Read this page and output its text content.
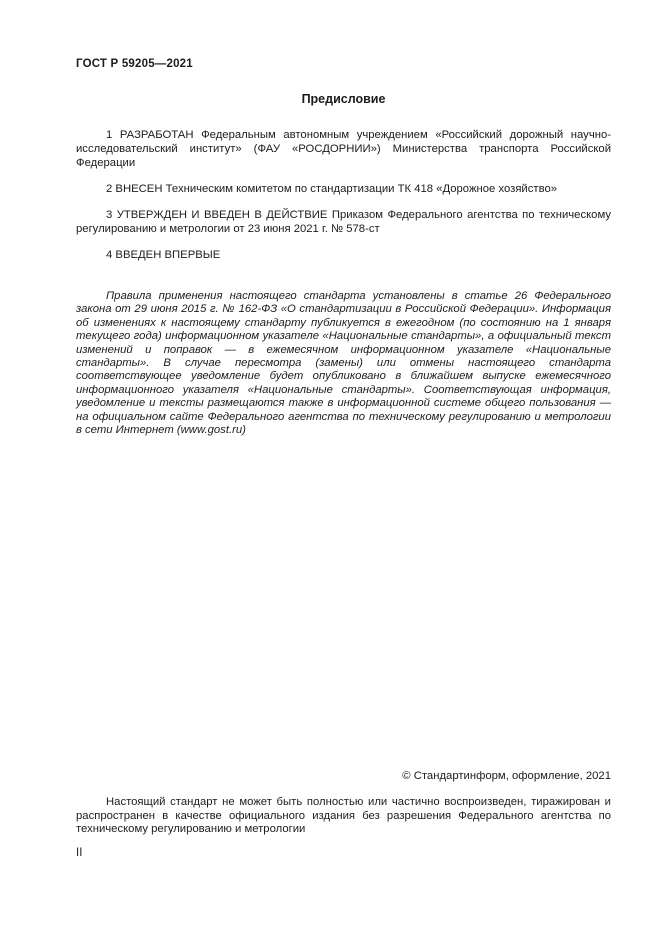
ГОСТ Р 59205—2021
Предисловие

1 РАЗРАБОТАН Федеральным автономным учреждением «Российский дорожный научно-исследовательский институт» (ФАУ «РОСДОРНИИ») Министерства транспорта Российской Федерации

2 ВНЕСЕН Техническим комитетом по стандартизации ТК 418 «Дорожное хозяйство»

3 УТВЕРЖДЕН И ВВЕДЕН В ДЕЙСТВИЕ Приказом Федерального агентства по техническому регулированию и метрологии от 23 июня 2021 г. № 578-ст

4 ВВЕДЕН ВПЕРВЫЕ

Правила применения настоящего стандарта установлены в статье 26 Федерального закона от 29 июня 2015 г. № 162-ФЗ «О стандартизации в Российской Федерации». Информация об изменениях к настоящему стандарту публикуется в ежегодном (по состоянию на 1 января текущего года) информационном указателе «Национальные стандарты», а официальный текст изменений и поправок — в ежемесячном информационном указателе «Национальные стандарты». В случае пересмотра (замены) или отмены настоящего стандарта соответствующее уведомление будет опубликовано в ближайшем выпуске ежемесячного информационного указателя «Национальные стандарты». Соответствующая информация, уведомление и тексты размещаются также в информационной системе общего пользования — на официальном сайте Федерального агентства по техническому регулированию и метрологии в сети Интернет (www.gost.ru)

© Стандартинформ, оформление, 2021

Настоящий стандарт не может быть полностью или частично воспроизведен, тиражирован и распространен в качестве официального издания без разрешения Федерального агентства по техническому регулированию и метрологии

II
